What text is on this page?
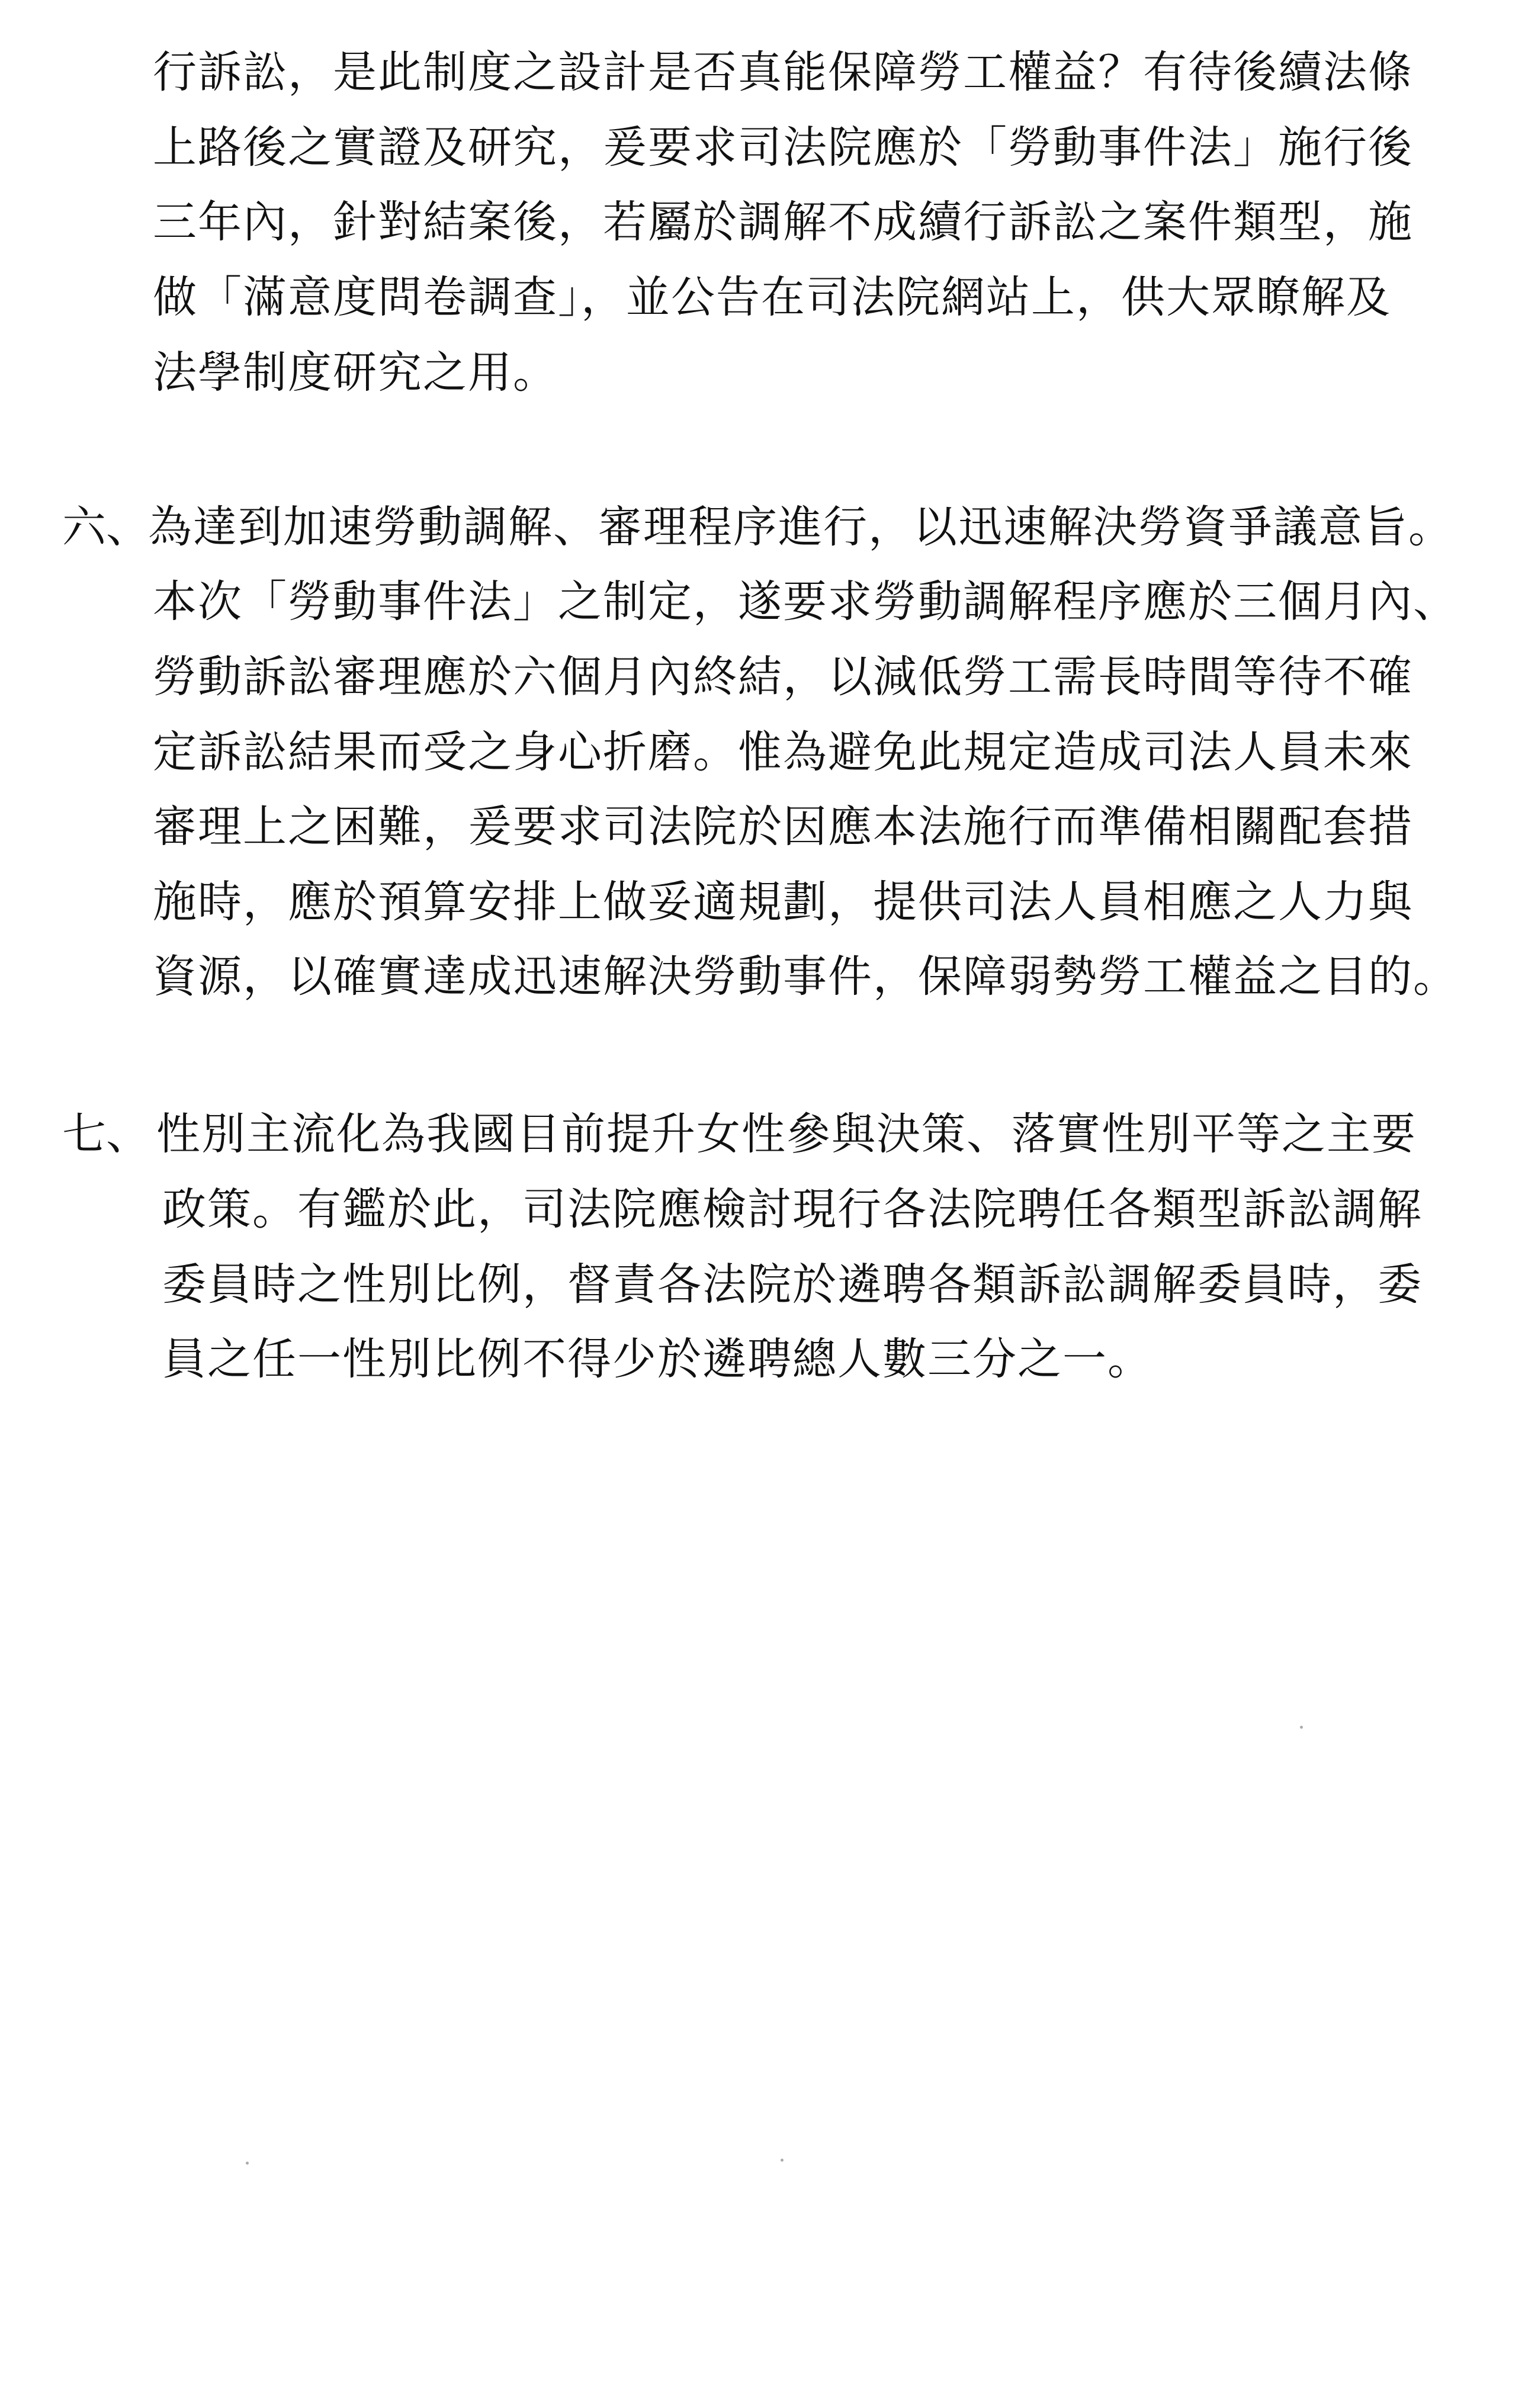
行訴訟，是此制度之設計是否真能保障勞工權益？有待後續法條
上路後之實證及研究，爰要求司法院應於「勞動事件法」施行後
三年內，針對結案後，若屬於調解不成續行訴訟之案件類型，施
做「滿意度問卷調查」，並公告在司法院網站上，供大眾瞭解及
法學制度研究之用。
六、
為達到加速勞動調解、審理程序進行，以迅速解決勞資爭議意旨。
本次「勞動事件法」之制定，遂要求勞動調解程序應於三個月內、
勞動訴訟審理應於六個月內終結，以減低勞工需長時間等待不確
定訴訟結果而受之身心折磨。惟為避免此規定造成司法人員未來
審理上之困難，爰要求司法院於因應本法施行而準備相關配套措
施時，應於預算安排上做妥適規劃，提供司法人員相應之人力與
資源，以確實達成迅速解決勞動事件，保障弱勢勞工權益之目的。
七、 性別主流化為我國目前提升女性參與決策、落實性別平等之主要
政策。有鑑於此，司法院應檢討現行各法院聘任各類型訴訟調解
委員時之性別比例，督責各法院於遴聘各類訴訟調解委員時，委
員之任一性別比例不得少於遴聘總人數三分之一。
